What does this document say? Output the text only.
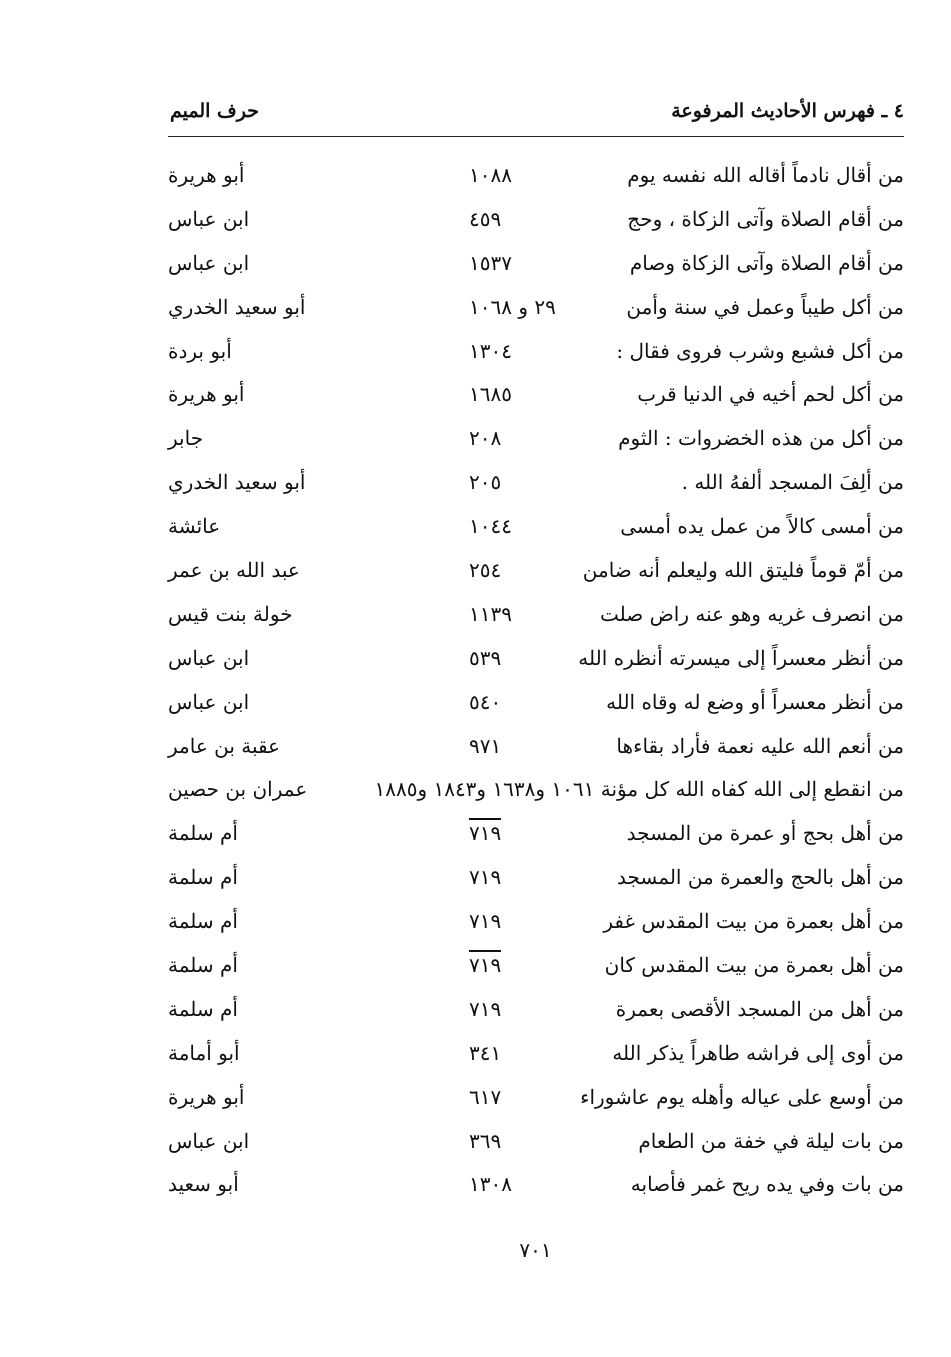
٤ ـ فهرس الأحاديث المرفوعة
حرف الميم
من أقال نادماً أقاله الله نفسه يوم
١٠٨٨
أبو هريرة
من أقام الصلاة وآتى الزكاة ، وحج
٤٥٩
ابن عباس
من أقام الصلاة وآتى الزكاة وصام
١٥٣٧
ابن عباس
من أكل طيباً وعمل في سنة وأمن
٢٩ و ١٠٦٨
أبو سعيد الخدري
من أكل فشبع وشرب فروى فقال :
١٣٠٤
أبو بردة
من أكل لحم أخيه في الدنيا قرب
١٦٨٥
أبو هريرة
من أكل من هذه الخضروات : الثوم
٢٠٨
جابر
من ألِفَ المسجد ألفهُ الله .
٢٠٥
أبو سعيد الخدري
من أمسى كالاً من عمل يده أمسى
١٠٤٤
عائشة
من أمّ قوماً فليتق الله وليعلم أنه ضامن
٢٥٤
عبد الله بن عمر
من انصرف غريه وهو عنه راض صلت
١١٣٩
خولة بنت قيس
من أنظر معسراً إلى ميسرته أنظره الله
٥٣٩
ابن عباس
من أنظر معسراً أو وضع له وقاه الله
٥٤٠
ابن عباس
من أنعم الله عليه نعمة فأراد بقاءها
٩٧١
عقبة بن عامر
من انقطع إلى الله كفاه الله كل مؤنة ١٠٦١ و١٦٣٨ و١٨٤٣ و١٨٨٥
عمران بن حصين
من أهل بحج أو عمرة من المسجد
٧١٩
أم سلمة
من أهل بالحج والعمرة من المسجد
٧١٩
أم سلمة
من أهل بعمرة من بيت المقدس غفر
٧١٩
أم سلمة
من أهل بعمرة من بيت المقدس كان
٧١٩
أم سلمة
من أهل من المسجد الأقصى بعمرة
٧١٩
أم سلمة
من أوى إلى فراشه طاهراً يذكر الله
٣٤١
أبو أمامة
من أوسع على عياله وأهله يوم عاشوراء
٦١٧
أبو هريرة
من بات ليلة في خفة من الطعام
٣٦٩
ابن عباس
من بات وفي يده ريح غمر فأصابه
١٣٠٨
أبو سعيد
٧٠١
